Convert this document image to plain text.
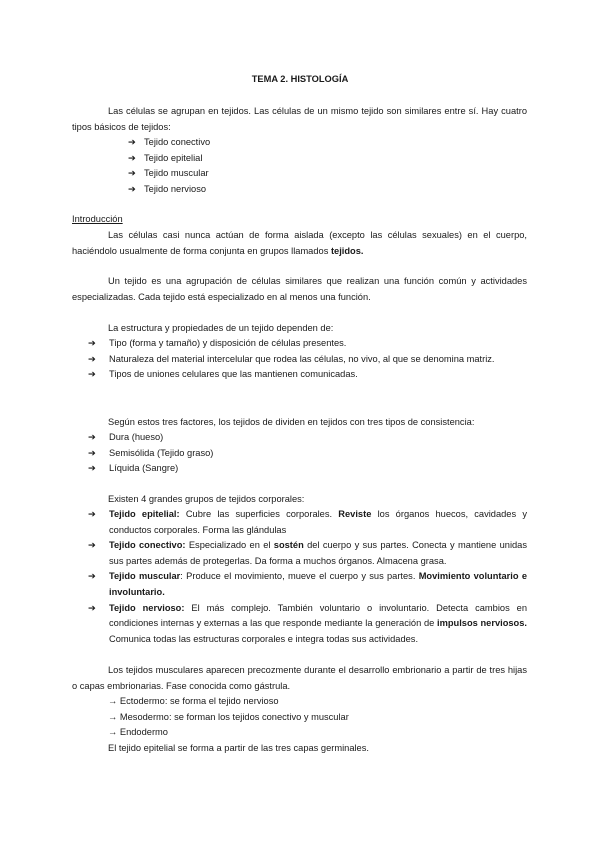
TEMA 2. HISTOLOGÍA
Las células se agrupan en tejidos. Las células de un mismo tejido son similares entre sí. Hay cuatro tipos básicos de tejidos:
➔ Tejido conectivo
➔ Tejido epitelial
➔ Tejido muscular
➔ Tejido nervioso
Introducción
Las células casi nunca actúan de forma aislada (excepto las células sexuales) en el cuerpo, haciéndolo usualmente de forma conjunta en grupos llamados tejidos.
Un tejido es una agrupación de células similares que realizan una función común y actividades especializadas. Cada tejido está especializado en al menos una función.
La estructura y propiedades de un tejido dependen de:
➔ Tipo (forma y tamaño) y disposición de células presentes.
➔ Naturaleza del material intercelular que rodea las células, no vivo, al que se denomina matriz.
➔ Tipos de uniones celulares que las mantienen comunicadas.
Según estos tres factores, los tejidos de dividen en tejidos con tres tipos de consistencia:
➔ Dura (hueso)
➔ Semisólida (Tejido graso)
➔ Líquida (Sangre)
Existen 4 grandes grupos de tejidos corporales:
➔ Tejido epitelial: Cubre las superficies corporales. Reviste los órganos huecos, cavidades y conductos corporales. Forma las glándulas
➔ Tejido conectivo: Especializado en el sostén del cuerpo y sus partes. Conecta y mantiene unidas sus partes además de protegerlas. Da forma a muchos órganos. Almacena grasa.
➔ Tejido muscular: Produce el movimiento, mueve el cuerpo y sus partes. Movimiento voluntario e involuntario.
➔ Tejido nervioso: El más complejo. También voluntario o involuntario. Detecta cambios en condiciones internas y externas a las que responde mediante la generación de impulsos nerviosos. Comunica todas las estructuras corporales e integra todas sus actividades.
Los tejidos musculares aparecen precozmente durante el desarrollo embrionario a partir de tres hijas o capas embrionarias. Fase conocida como gástrula.
→ Ectodermo: se forma el tejido nervioso
→ Mesodermo: se forman los tejidos conectivo y muscular
→ Endodermo
El tejido epitelial se forma a partir de las tres capas germinales.
